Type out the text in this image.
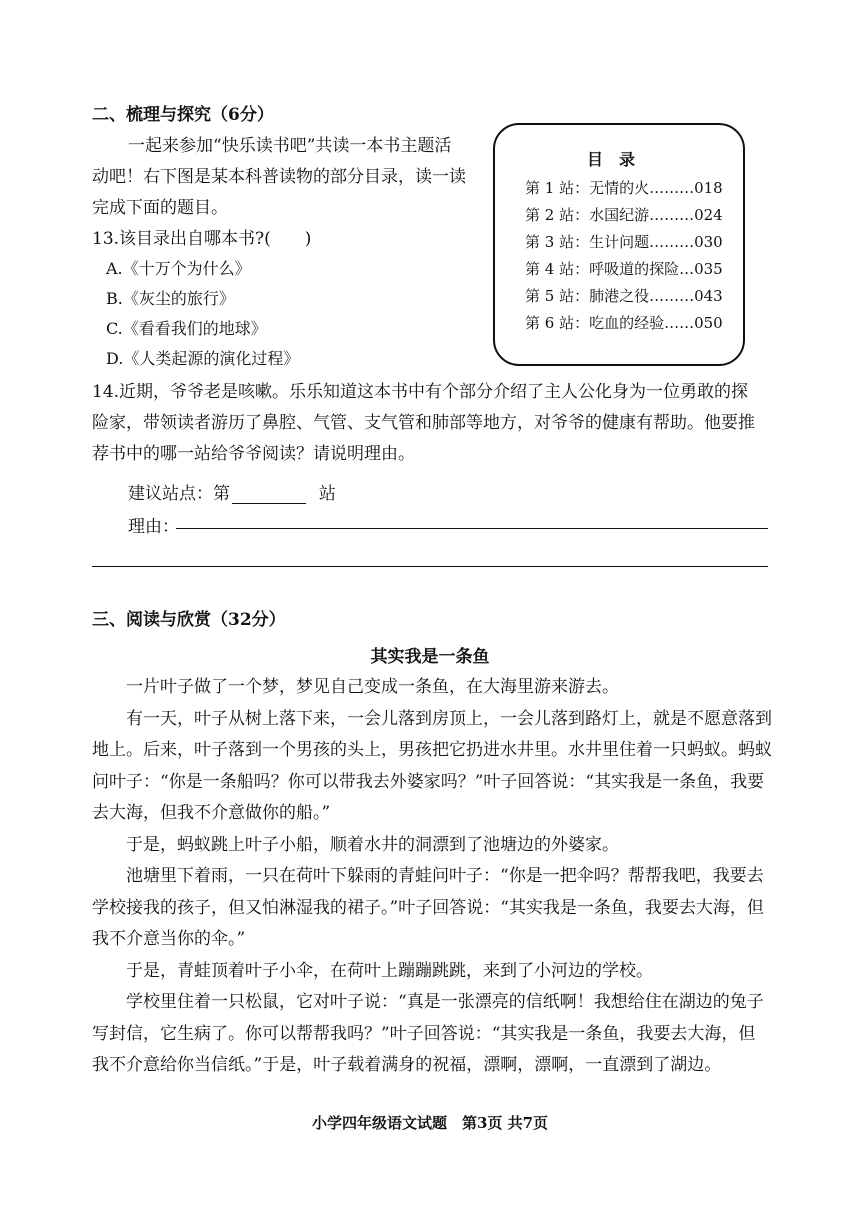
二、梳理与探究（6分）
一起来参加“快乐读书吧”共读一本书主题活
动吧！右下图是某本科普读物的部分目录，读一读
完成下面的题目。
13.该目录出自哪本书?(　　)
A.《十万个为什么》
B.《灰尘的旅行》
C.《看看我们的地球》
D.《人类起源的演化过程》
目录
第 1 站：无情的火………018
第 2 站：水国纪游………024
第 3 站：生计问题………030
第 4 站：呼吸道的探险…035
第 5 站：肺港之役………043
第 6 站：吃血的经验……050
14.近期，爷爷老是咳嗽。乐乐知道这本书中有个部分介绍了主人公化身为一位勇敢的探
险家，带领读者游历了鼻腔、气管、支气管和肺部等地方，对爷爷的健康有帮助。他要推
荐书中的哪一站给爷爷阅读？请说明理由。
建议站点：第	站
理由：
三、阅读与欣赏（32分）
其实我是一条鱼

一片叶子做了一个梦，梦见自己变成一条鱼，在大海里游来游去。

有一天，叶子从树上落下来，一会儿落到房顶上，一会儿落到路灯上，就是不愿意落到地上。后来，叶子落到一个男孩的头上，男孩把它扔进水井里。水井里住着一只蚂蚁。蚂蚁问叶子：“你是一条船吗？你可以带我去外婆家吗？”叶子回答说：“其实我是一条鱼，我要去大海，但我不介意做你的船。”

于是，蚂蚁跳上叶子小船，顺着水井的洞漂到了池塘边的外婆家。

池塘里下着雨，一只在荷叶下躲雨的青蛙问叶子：“你是一把伞吗？帮帮我吧，我要去学校接我的孩子，但又怕淋湿我的裙子。”叶子回答说：“其实我是一条鱼，我要去大海，但我不介意当你的伞。”

于是，青蛙顶着叶子小伞，在荷叶上蹦蹦跳跳，来到了小河边的学校。

学校里住着一只松鼠，它对叶子说：“真是一张漂亮的信纸啊！我想给住在湖边的兔子写封信，它生病了。你可以帮帮我吗？”叶子回答说：“其实我是一条鱼，我要去大海，但我不介意给你当信纸。”于是，叶子载着满身的祝福，漂啊，漂啊，一直漂到了湖边。

小学四年级语文试题　第3页 共7页
